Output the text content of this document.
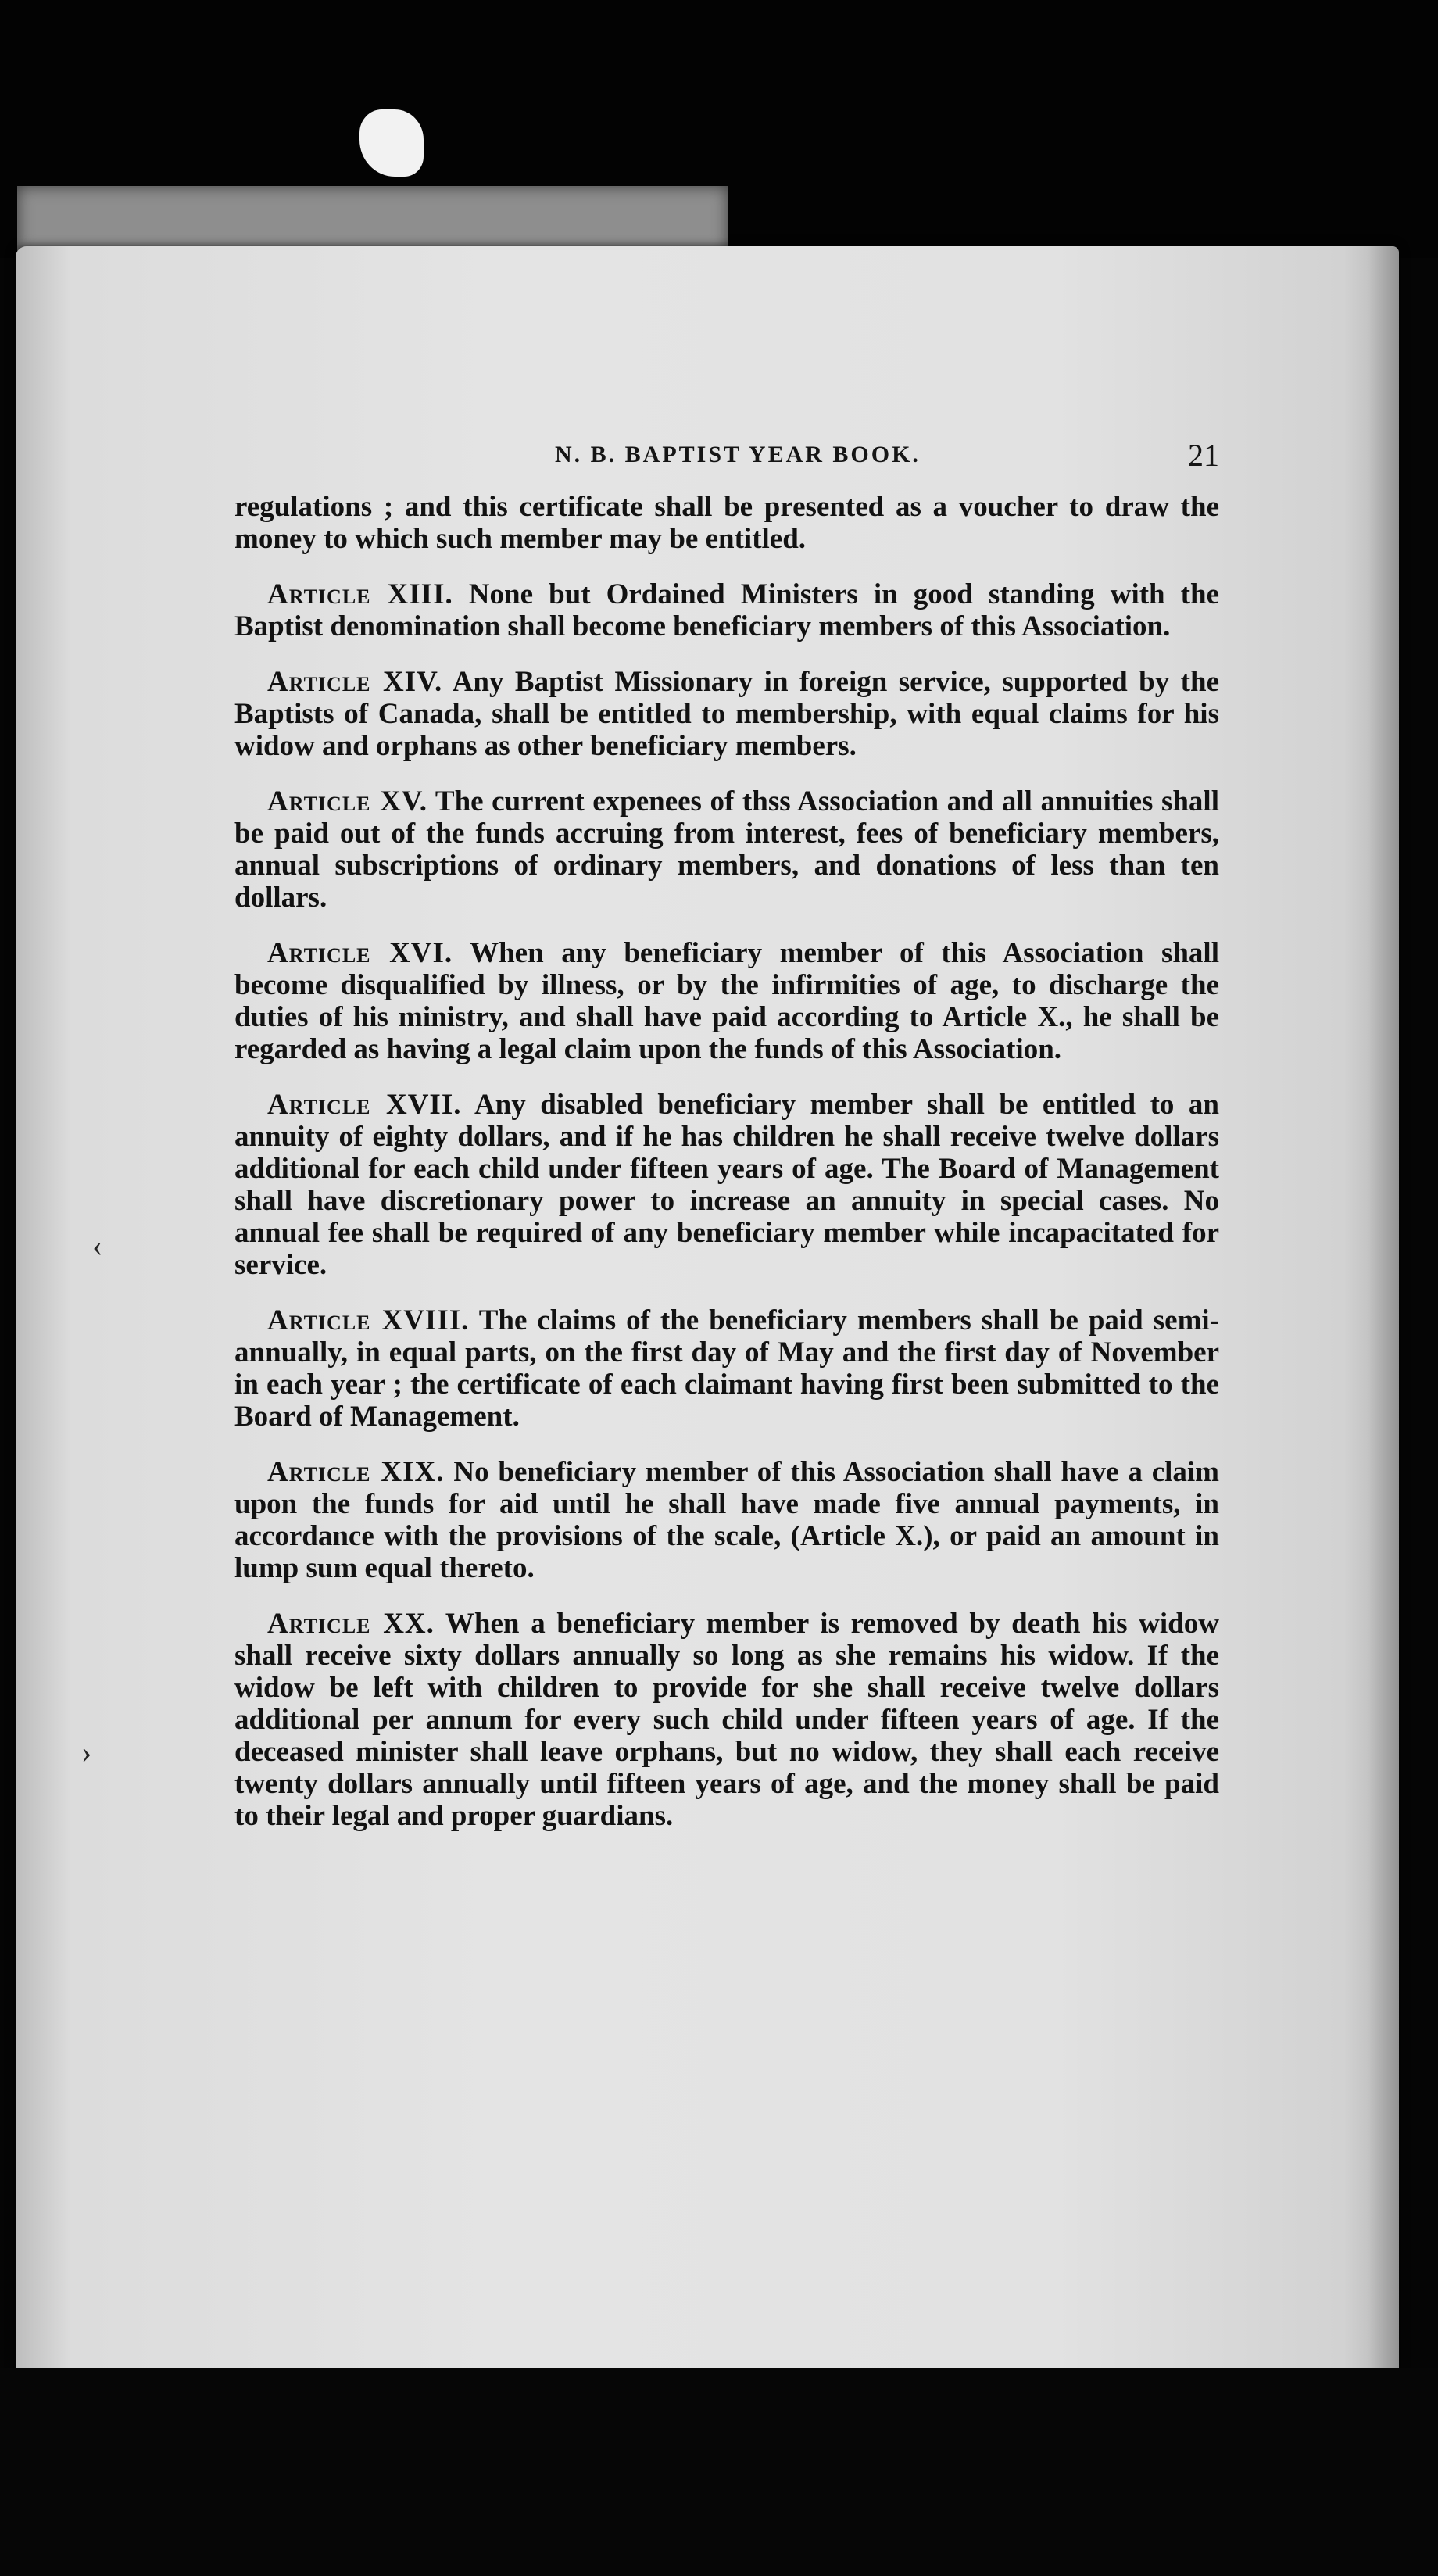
N. B. BAPTIST YEAR BOOK.	21
‹
›

regulations ; and this certificate shall be presented as a voucher to draw the money to which such member may be entitled.

Article XIII. None but Ordained Ministers in good standing with the Baptist denomination shall become beneficiary members of this Association.

Article XIV. Any Baptist Missionary in foreign service, supported by the Baptists of Canada, shall be entitled to membership, with equal claims for his widow and orphans as other beneficiary members.

Article XV. The current expenees of thss Association and all annuities shall be paid out of the funds accruing from interest, fees of beneficiary members, annual subscriptions of ordinary members, and donations of less than ten dollars.

Article XVI. When any beneficiary member of this Association shall become disqualified by illness, or by the infirmities of age, to discharge the duties of his ministry, and shall have paid according to Article X., he shall be regarded as having a legal claim upon the funds of this Association.

Article XVII. Any disabled beneficiary member shall be entitled to an annuity of eighty dollars, and if he has children he shall receive twelve dollars additional for each child under fifteen years of age. The Board of Management shall have discretionary power to increase an annuity in special cases. No annual fee shall be required of any beneficiary member while incapacitated for service.

Article XVIII. The claims of the beneficiary members shall be paid semi-annually, in equal parts, on the first day of May and the first day of November in each year ; the certificate of each claimant having first been submitted to the Board of Management.

Article XIX. No beneficiary member of this Association shall have a claim upon the funds for aid until he shall have made five annual payments, in accordance with the provisions of the scale, (Article X.), or paid an amount in lump sum equal thereto.

Article XX. When a beneficiary member is removed by death his widow shall receive sixty dollars annually so long as she remains his widow. If the widow be left with children to provide for she shall receive twelve dollars additional per annum for every such child under fifteen years of age. If the deceased minister shall leave orphans, but no widow, they shall each receive twenty dollars annually until fifteen years of age, and the money shall be paid to their legal and proper guardians.
